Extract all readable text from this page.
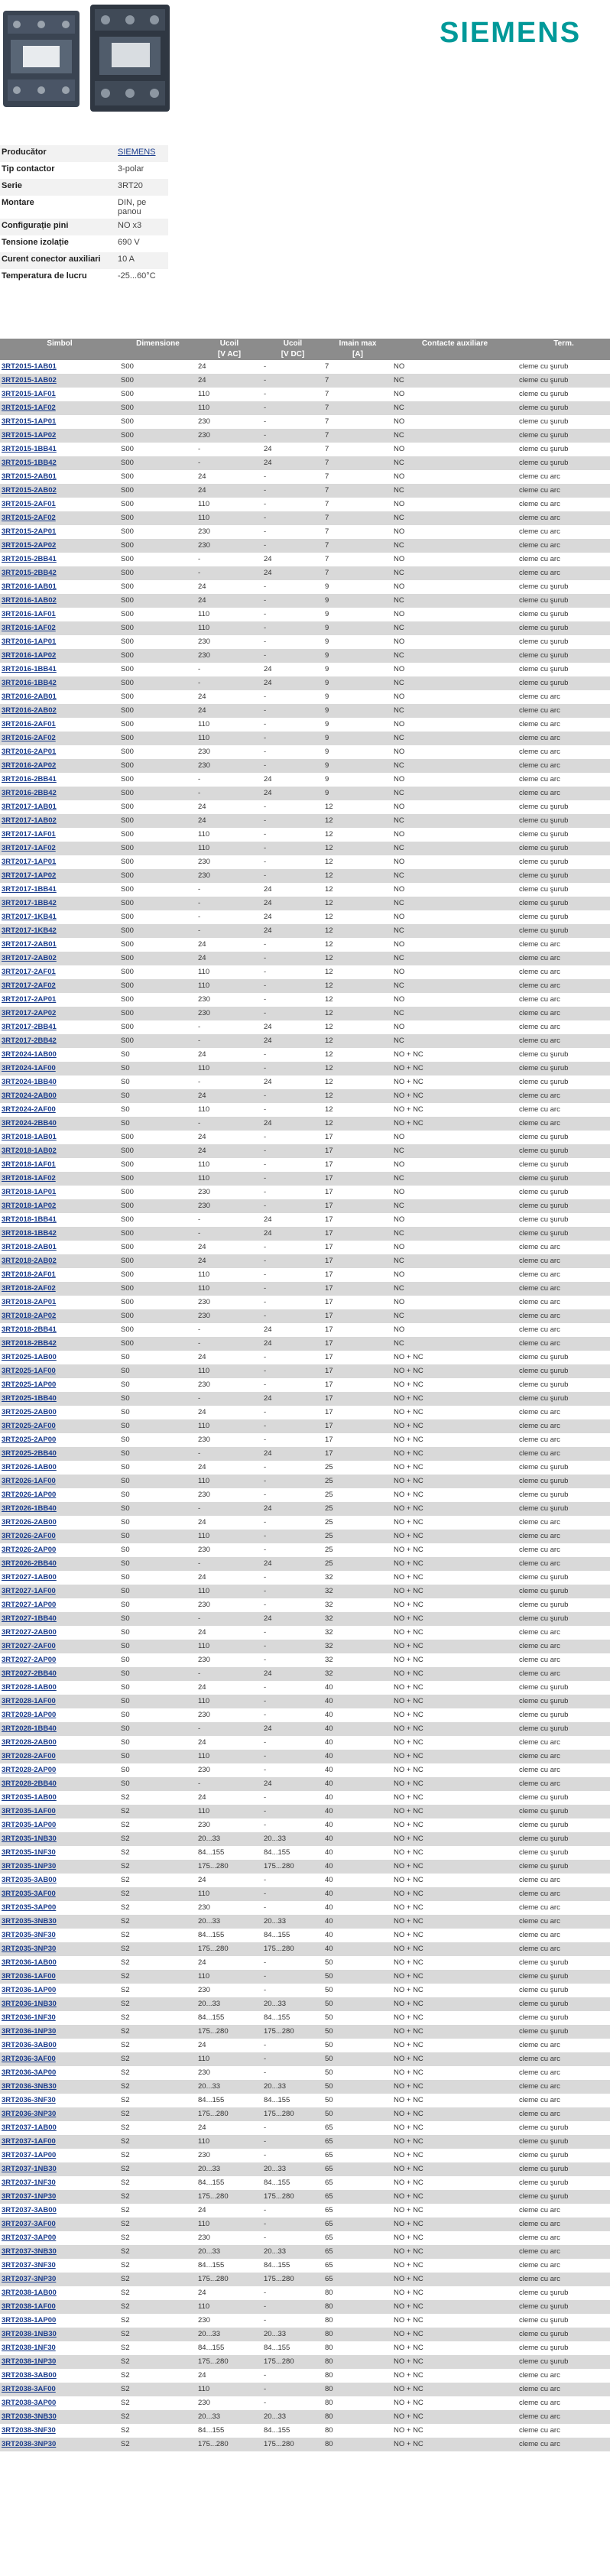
SIEMENS
Producător	SIEMENS
Tip contactor	3-polar
Serie	3RT20
Montare	DIN, pe panou
Configurație pini	NO x3
Tensione izolație	690 V
Curent conector auxiliari	10 A
Temperatura de lucru	-25...60°C
Simbol	Dimensione	Ucoil	Ucoil	Imain max	Contacte auxiliare	Term.
		[V AC]	[V DC]	[A]		
3RT2015-1AB01	S00	24	-	7	NO	cleme cu şurub
3RT2015-1AB02	S00	24	-	7	NC	cleme cu şurub
3RT2015-1AF01	S00	110	-	7	NO	cleme cu şurub
3RT2015-1AF02	S00	110	-	7	NC	cleme cu şurub
3RT2015-1AP01	S00	230	-	7	NO	cleme cu şurub
3RT2015-1AP02	S00	230	-	7	NC	cleme cu şurub
3RT2015-1BB41	S00	-	24	7	NO	cleme cu şurub
3RT2015-1BB42	S00	-	24	7	NC	cleme cu şurub
3RT2015-2AB01	S00	24	-	7	NO	cleme cu arc
3RT2015-2AB02	S00	24	-	7	NC	cleme cu arc
3RT2015-2AF01	S00	110	-	7	NO	cleme cu arc
3RT2015-2AF02	S00	110	-	7	NC	cleme cu arc
3RT2015-2AP01	S00	230	-	7	NO	cleme cu arc
3RT2015-2AP02	S00	230	-	7	NC	cleme cu arc
3RT2015-2BB41	S00	-	24	7	NO	cleme cu arc
3RT2015-2BB42	S00	-	24	7	NC	cleme cu arc
3RT2016-1AB01	S00	24	-	9	NO	cleme cu şurub
3RT2016-1AB02	S00	24	-	9	NC	cleme cu şurub
3RT2016-1AF01	S00	110	-	9	NO	cleme cu şurub
3RT2016-1AF02	S00	110	-	9	NC	cleme cu şurub
3RT2016-1AP01	S00	230	-	9	NO	cleme cu şurub
3RT2016-1AP02	S00	230	-	9	NC	cleme cu şurub
3RT2016-1BB41	S00	-	24	9	NO	cleme cu şurub
3RT2016-1BB42	S00	-	24	9	NC	cleme cu şurub
3RT2016-2AB01	S00	24	-	9	NO	cleme cu arc
3RT2016-2AB02	S00	24	-	9	NC	cleme cu arc
3RT2016-2AF01	S00	110	-	9	NO	cleme cu arc
3RT2016-2AF02	S00	110	-	9	NC	cleme cu arc
3RT2016-2AP01	S00	230	-	9	NO	cleme cu arc
3RT2016-2AP02	S00	230	-	9	NC	cleme cu arc
3RT2016-2BB41	S00	-	24	9	NO	cleme cu arc
3RT2016-2BB42	S00	-	24	9	NC	cleme cu arc
3RT2017-1AB01	S00	24	-	12	NO	cleme cu şurub
3RT2017-1AB02	S00	24	-	12	NC	cleme cu şurub
3RT2017-1AF01	S00	110	-	12	NO	cleme cu şurub
3RT2017-1AF02	S00	110	-	12	NC	cleme cu şurub
3RT2017-1AP01	S00	230	-	12	NO	cleme cu şurub
3RT2017-1AP02	S00	230	-	12	NC	cleme cu şurub
3RT2017-1BB41	S00	-	24	12	NO	cleme cu şurub
3RT2017-1BB42	S00	-	24	12	NC	cleme cu şurub
3RT2017-1KB41	S00	-	24	12	NO	cleme cu şurub
3RT2017-1KB42	S00	-	24	12	NC	cleme cu şurub
3RT2017-2AB01	S00	24	-	12	NO	cleme cu arc
3RT2017-2AB02	S00	24	-	12	NC	cleme cu arc
3RT2017-2AF01	S00	110	-	12	NO	cleme cu arc
3RT2017-2AF02	S00	110	-	12	NC	cleme cu arc
3RT2017-2AP01	S00	230	-	12	NO	cleme cu arc
3RT2017-2AP02	S00	230	-	12	NC	cleme cu arc
3RT2017-2BB41	S00	-	24	12	NO	cleme cu arc
3RT2017-2BB42	S00	-	24	12	NC	cleme cu arc
3RT2024-1AB00	S0	24	-	12	NO + NC	cleme cu şurub
3RT2024-1AF00	S0	110	-	12	NO + NC	cleme cu şurub
3RT2024-1BB40	S0	-	24	12	NO + NC	cleme cu şurub
3RT2024-2AB00	S0	24	-	12	NO + NC	cleme cu arc
3RT2024-2AF00	S0	110	-	12	NO + NC	cleme cu arc
3RT2024-2BB40	S0	-	24	12	NO + NC	cleme cu arc
3RT2018-1AB01	S00	24	-	17	NO	cleme cu şurub
3RT2018-1AB02	S00	24	-	17	NC	cleme cu şurub
3RT2018-1AF01	S00	110	-	17	NO	cleme cu şurub
3RT2018-1AF02	S00	110	-	17	NC	cleme cu şurub
3RT2018-1AP01	S00	230	-	17	NO	cleme cu şurub
3RT2018-1AP02	S00	230	-	17	NC	cleme cu şurub
3RT2018-1BB41	S00	-	24	17	NO	cleme cu şurub
3RT2018-1BB42	S00	-	24	17	NC	cleme cu şurub
3RT2018-2AB01	S00	24	-	17	NO	cleme cu arc
3RT2018-2AB02	S00	24	-	17	NC	cleme cu arc
3RT2018-2AF01	S00	110	-	17	NO	cleme cu arc
3RT2018-2AF02	S00	110	-	17	NC	cleme cu arc
3RT2018-2AP01	S00	230	-	17	NO	cleme cu arc
3RT2018-2AP02	S00	230	-	17	NC	cleme cu arc
3RT2018-2BB41	S00	-	24	17	NO	cleme cu arc
3RT2018-2BB42	S00	-	24	17	NC	cleme cu arc
3RT2025-1AB00	S0	24	-	17	NO + NC	cleme cu şurub
3RT2025-1AF00	S0	110	-	17	NO + NC	cleme cu şurub
3RT2025-1AP00	S0	230	-	17	NO + NC	cleme cu şurub
3RT2025-1BB40	S0	-	24	17	NO + NC	cleme cu şurub
3RT2025-2AB00	S0	24	-	17	NO + NC	cleme cu arc
3RT2025-2AF00	S0	110	-	17	NO + NC	cleme cu arc
3RT2025-2AP00	S0	230	-	17	NO + NC	cleme cu arc
3RT2025-2BB40	S0	-	24	17	NO + NC	cleme cu arc
3RT2026-1AB00	S0	24	-	25	NO + NC	cleme cu şurub
3RT2026-1AF00	S0	110	-	25	NO + NC	cleme cu şurub
3RT2026-1AP00	S0	230	-	25	NO + NC	cleme cu şurub
3RT2026-1BB40	S0	-	24	25	NO + NC	cleme cu şurub
3RT2026-2AB00	S0	24	-	25	NO + NC	cleme cu arc
3RT2026-2AF00	S0	110	-	25	NO + NC	cleme cu arc
3RT2026-2AP00	S0	230	-	25	NO + NC	cleme cu arc
3RT2026-2BB40	S0	-	24	25	NO + NC	cleme cu arc
3RT2027-1AB00	S0	24	-	32	NO + NC	cleme cu şurub
3RT2027-1AF00	S0	110	-	32	NO + NC	cleme cu şurub
3RT2027-1AP00	S0	230	-	32	NO + NC	cleme cu şurub
3RT2027-1BB40	S0	-	24	32	NO + NC	cleme cu şurub
3RT2027-2AB00	S0	24	-	32	NO + NC	cleme cu arc
3RT2027-2AF00	S0	110	-	32	NO + NC	cleme cu arc
3RT2027-2AP00	S0	230	-	32	NO + NC	cleme cu arc
3RT2027-2BB40	S0	-	24	32	NO + NC	cleme cu arc
3RT2028-1AB00	S0	24	-	40	NO + NC	cleme cu şurub
3RT2028-1AF00	S0	110	-	40	NO + NC	cleme cu şurub
3RT2028-1AP00	S0	230	-	40	NO + NC	cleme cu şurub
3RT2028-1BB40	S0	-	24	40	NO + NC	cleme cu şurub
3RT2028-2AB00	S0	24	-	40	NO + NC	cleme cu arc
3RT2028-2AF00	S0	110	-	40	NO + NC	cleme cu arc
3RT2028-2AP00	S0	230	-	40	NO + NC	cleme cu arc
3RT2028-2BB40	S0	-	24	40	NO + NC	cleme cu arc
3RT2035-1AB00	S2	24	-	40	NO + NC	cleme cu şurub
3RT2035-1AF00	S2	110	-	40	NO + NC	cleme cu şurub
3RT2035-1AP00	S2	230	-	40	NO + NC	cleme cu şurub
3RT2035-1NB30	S2	20...33	20...33	40	NO + NC	cleme cu şurub
3RT2035-1NF30	S2	84...155	84...155	40	NO + NC	cleme cu şurub
3RT2035-1NP30	S2	175...280	175...280	40	NO + NC	cleme cu şurub
3RT2035-3AB00	S2	24	-	40	NO + NC	cleme cu arc
3RT2035-3AF00	S2	110	-	40	NO + NC	cleme cu arc
3RT2035-3AP00	S2	230	-	40	NO + NC	cleme cu arc
3RT2035-3NB30	S2	20...33	20...33	40	NO + NC	cleme cu arc
3RT2035-3NF30	S2	84...155	84...155	40	NO + NC	cleme cu arc
3RT2035-3NP30	S2	175...280	175...280	40	NO + NC	cleme cu arc
3RT2036-1AB00	S2	24	-	50	NO + NC	cleme cu şurub
3RT2036-1AF00	S2	110	-	50	NO + NC	cleme cu şurub
3RT2036-1AP00	S2	230	-	50	NO + NC	cleme cu şurub
3RT2036-1NB30	S2	20...33	20...33	50	NO + NC	cleme cu şurub
3RT2036-1NF30	S2	84...155	84...155	50	NO + NC	cleme cu şurub
3RT2036-1NP30	S2	175...280	175...280	50	NO + NC	cleme cu şurub
3RT2036-3AB00	S2	24	-	50	NO + NC	cleme cu arc
3RT2036-3AF00	S2	110	-	50	NO + NC	cleme cu arc
3RT2036-3AP00	S2	230	-	50	NO + NC	cleme cu arc
3RT2036-3NB30	S2	20...33	20...33	50	NO + NC	cleme cu arc
3RT2036-3NF30	S2	84...155	84...155	50	NO + NC	cleme cu arc
3RT2036-3NP30	S2	175...280	175...280	50	NO + NC	cleme cu arc
3RT2037-1AB00	S2	24	-	65	NO + NC	cleme cu şurub
3RT2037-1AF00	S2	110	-	65	NO + NC	cleme cu şurub
3RT2037-1AP00	S2	230	-	65	NO + NC	cleme cu şurub
3RT2037-1NB30	S2	20...33	20...33	65	NO + NC	cleme cu şurub
3RT2037-1NF30	S2	84...155	84...155	65	NO + NC	cleme cu şurub
3RT2037-1NP30	S2	175...280	175...280	65	NO + NC	cleme cu şurub
3RT2037-3AB00	S2	24	-	65	NO + NC	cleme cu arc
3RT2037-3AF00	S2	110	-	65	NO + NC	cleme cu arc
3RT2037-3AP00	S2	230	-	65	NO + NC	cleme cu arc
3RT2037-3NB30	S2	20...33	20...33	65	NO + NC	cleme cu arc
3RT2037-3NF30	S2	84...155	84...155	65	NO + NC	cleme cu arc
3RT2037-3NP30	S2	175...280	175...280	65	NO + NC	cleme cu arc
3RT2038-1AB00	S2	24	-	80	NO + NC	cleme cu şurub
3RT2038-1AF00	S2	110	-	80	NO + NC	cleme cu şurub
3RT2038-1AP00	S2	230	-	80	NO + NC	cleme cu şurub
3RT2038-1NB30	S2	20...33	20...33	80	NO + NC	cleme cu şurub
3RT2038-1NF30	S2	84...155	84...155	80	NO + NC	cleme cu şurub
3RT2038-1NP30	S2	175...280	175...280	80	NO + NC	cleme cu şurub
3RT2038-3AB00	S2	24	-	80	NO + NC	cleme cu arc
3RT2038-3AF00	S2	110	-	80	NO + NC	cleme cu arc
3RT2038-3AP00	S2	230	-	80	NO + NC	cleme cu arc
3RT2038-3NB30	S2	20...33	20...33	80	NO + NC	cleme cu arc
3RT2038-3NF30	S2	84...155	84...155	80	NO + NC	cleme cu arc
3RT2038-3NP30	S2	175...280	175...280	80	NO + NC	cleme cu arc
